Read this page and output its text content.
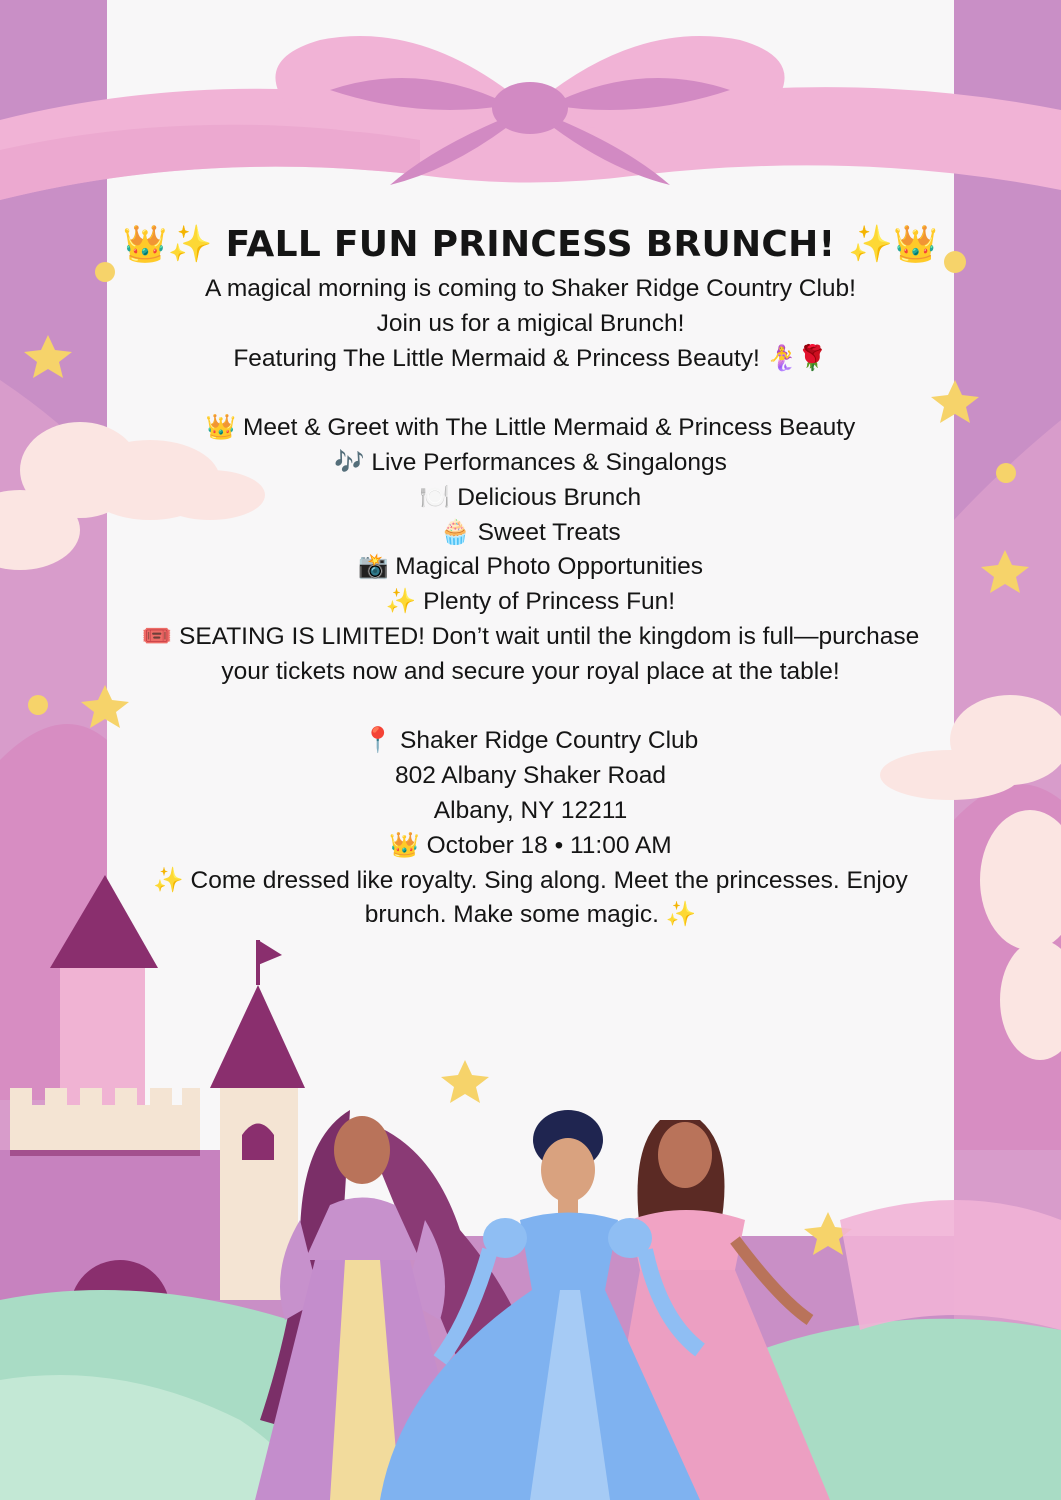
👑✨ FALL FUN PRINCESS BRUNCH! ✨👑

A magical morning is coming to Shaker Ridge Country Club!

Join us for a migical Brunch!

Featuring The Little Mermaid & Princess Beauty! 🧜‍♀️🌹

👑 Meet & Greet with The Little Mermaid & Princess Beauty

🎶 Live Performances & Singalongs

🍽️ Delicious Brunch

🧁 Sweet Treats

📸 Magical Photo Opportunities

✨ Plenty of Princess Fun!

🎟️ SEATING IS LIMITED! Don’t wait until the kingdom is full—purchase

your tickets now and secure your royal place at the table!

📍 Shaker Ridge Country Club

802 Albany Shaker Road

Albany, NY 12211

👑 October 18 • 11:00 AM

✨ Come dressed like royalty. Sing along. Meet the princesses. Enjoy

brunch. Make some magic. ✨
